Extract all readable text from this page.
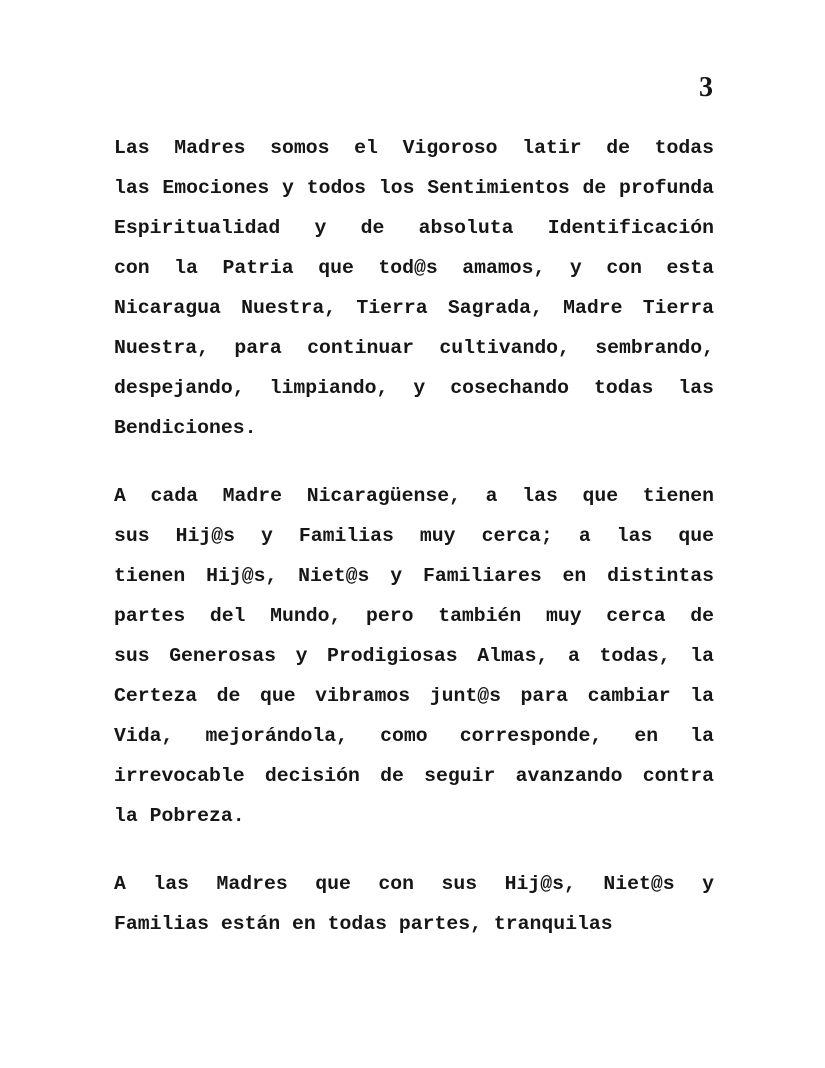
3
Las Madres somos el Vigoroso latir de todas
las Emociones y todos los Sentimientos de profunda
Espiritualidad y de absoluta Identificación
con la Patria que tod@s amamos, y con esta
Nicaragua Nuestra, Tierra Sagrada, Madre Tierra
Nuestra, para continuar cultivando, sembrando,
despejando, limpiando, y cosechando todas las
Bendiciones.
A cada Madre Nicaragüense, a las que tienen
sus Hij@s y Familias muy cerca; a las que
tienen Hij@s, Niet@s y Familiares en distintas
partes del Mundo, pero también muy cerca de
sus Generosas y Prodigiosas Almas, a todas, la
Certeza de que vibramos junt@s para cambiar la
Vida, mejorándola, como corresponde, en la
irrevocable decisión de seguir avanzando contra
la Pobreza.
A las Madres que con sus Hij@s, Niet@s y
Familias están en todas partes, tranquilas
